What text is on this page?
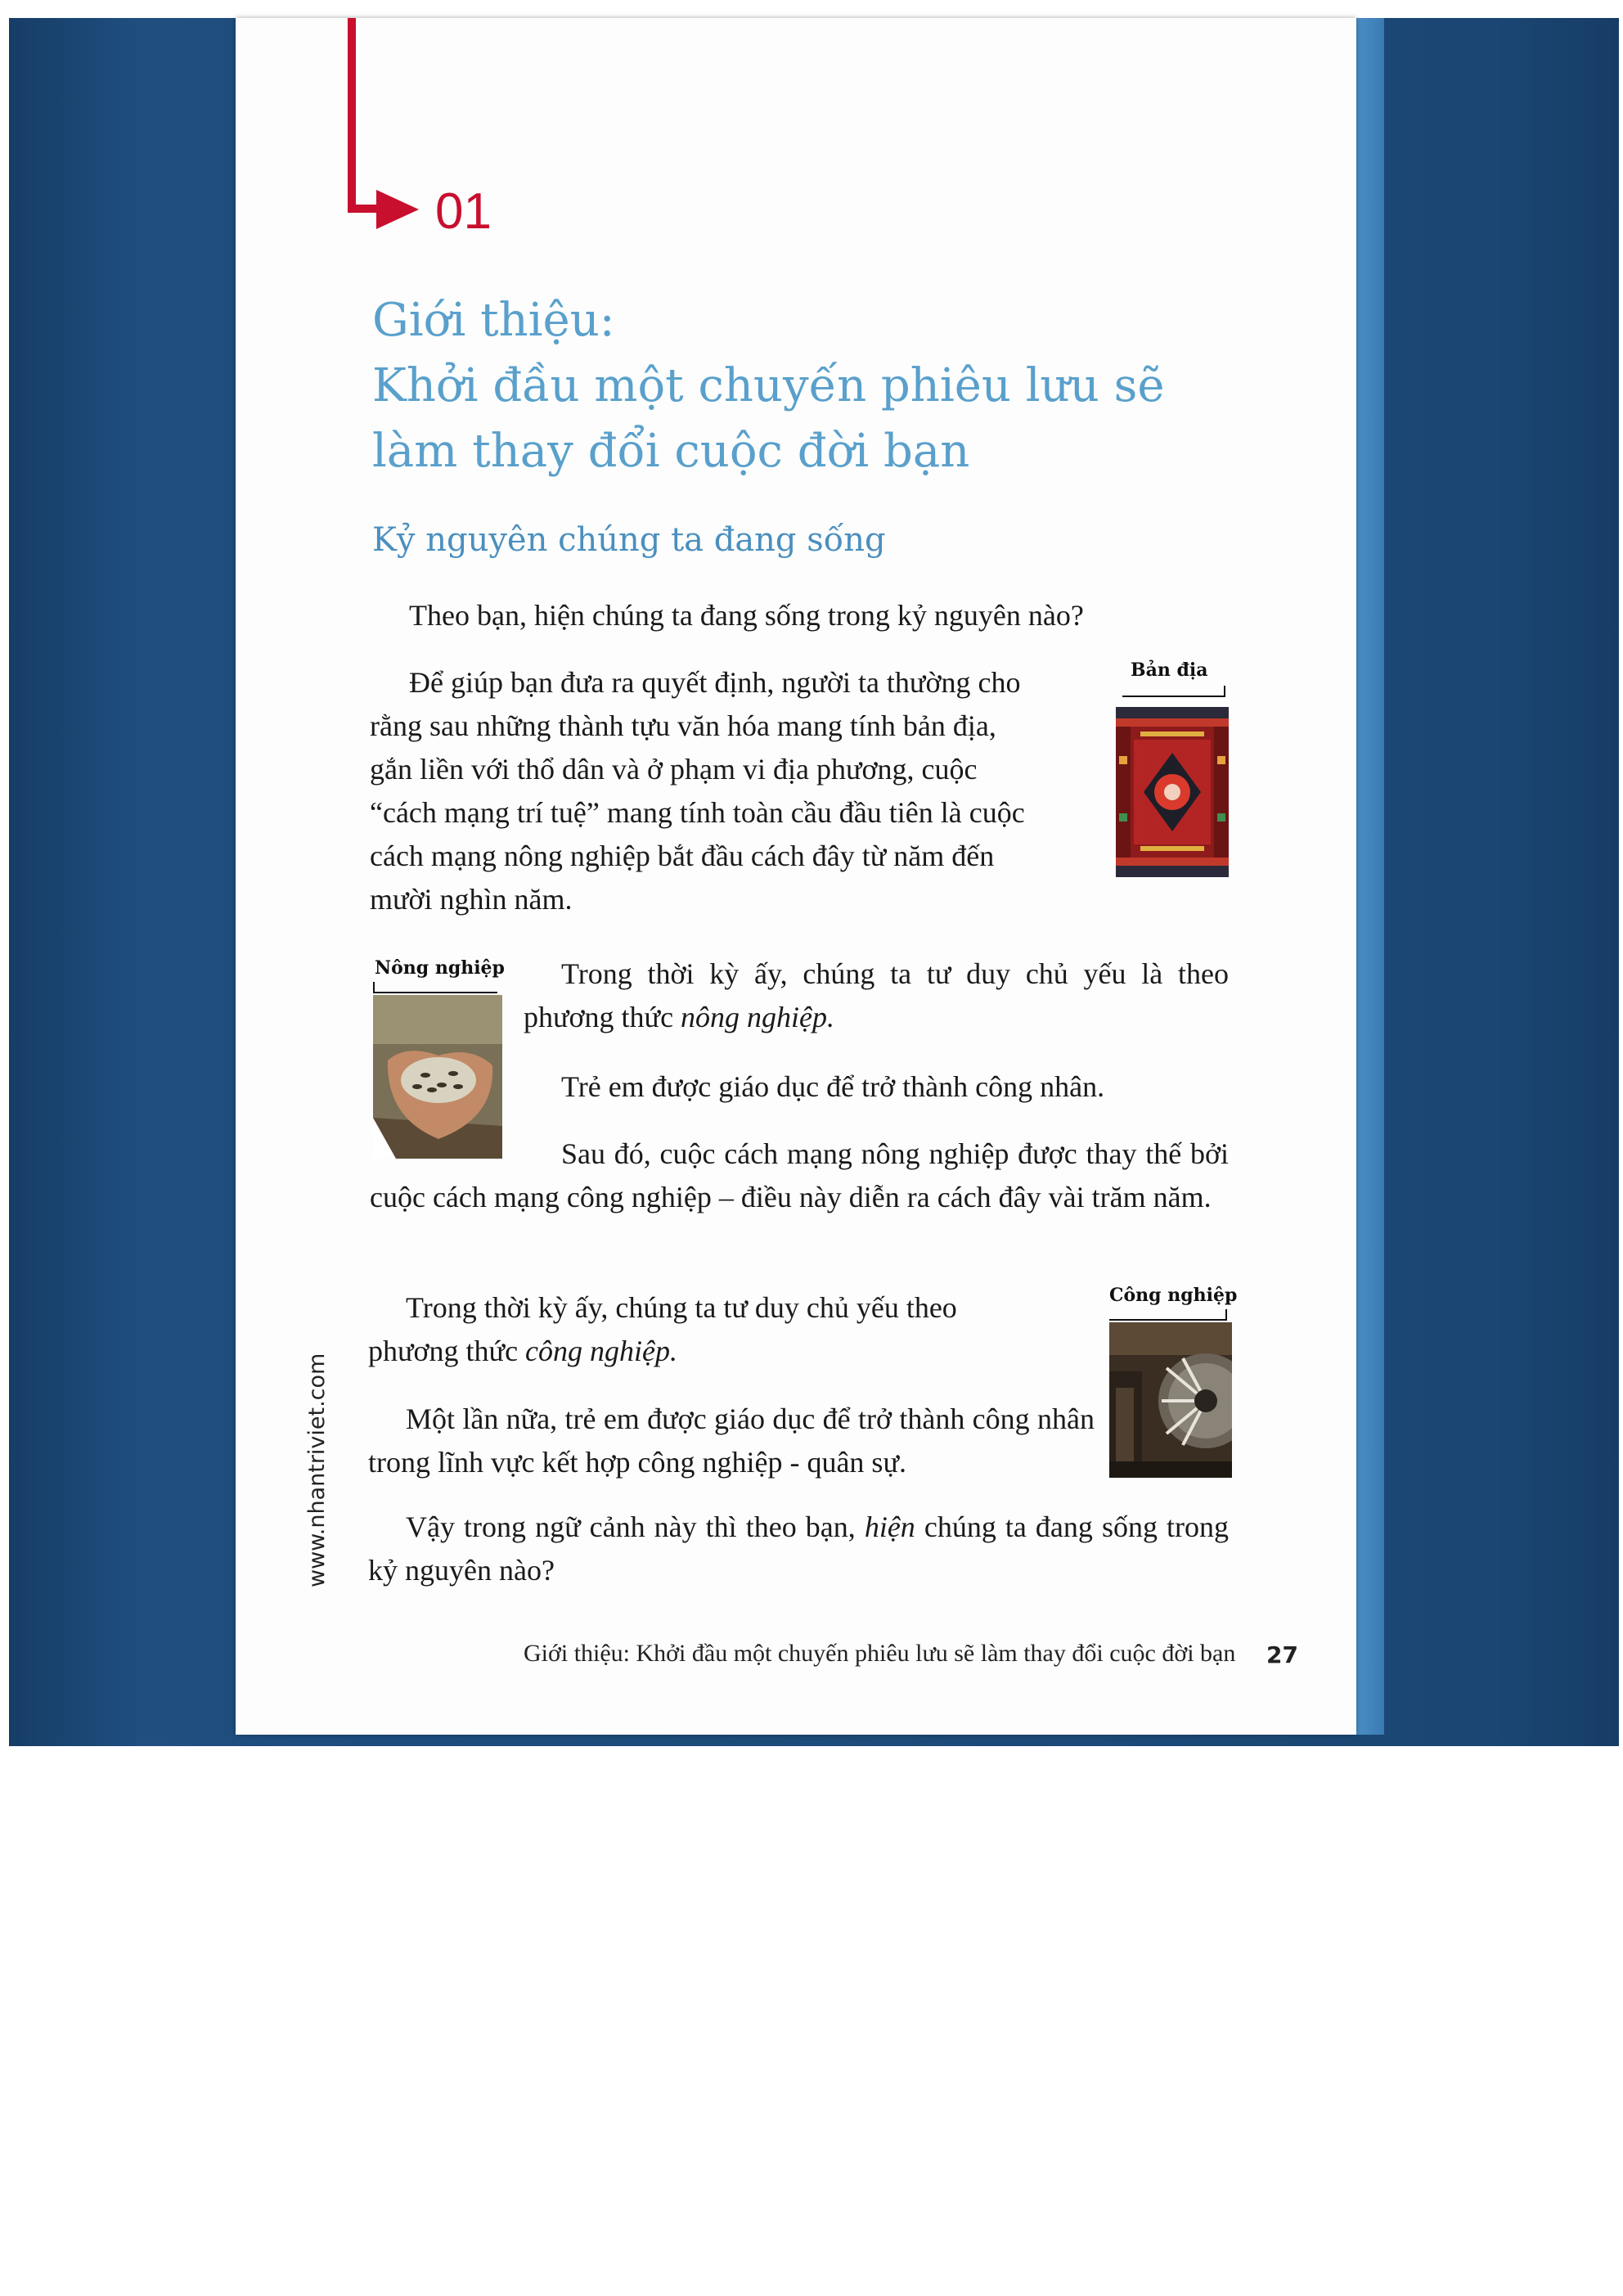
01
Giới thiệu:
Khởi đầu một chuyến phiêu lưu sẽ
làm thay đổi cuộc đời bạn
Kỷ nguyên chúng ta đang sống
Theo bạn, hiện chúng ta đang sống trong kỷ nguyên nào?
Để giúp bạn đưa ra quyết định, người ta thường cho
rằng sau những thành tựu văn hóa mang tính bản địa,
gắn liền với thổ dân và ở phạm vi địa phương, cuộc
“cách mạng trí tuệ” mang tính toàn cầu đầu tiên là cuộc
cách mạng nông nghiệp bắt đầu cách đây từ năm đến
mười nghìn năm.
Bản địa
Nông nghiệp	Trong thời kỳ ấy, chúng ta tư duy chủ yếu là theo phương thức nông nghiệp.
Trẻ em được giáo dục để trở thành công nhân.
Sau đó, cuộc cách mạng nông nghiệp được thay thế bởi cuộc cách mạng công nghiệp – điều này diễn ra cách đây vài trăm năm.
Công nghiệp
Trong thời kỳ ấy, chúng ta tư duy chủ yếu theo
phương thức công nghiệp.
Một lần nữa, trẻ em được giáo dục để trở thành công nhân trong lĩnh vực kết hợp công nghiệp - quân sự.
Vậy trong ngữ cảnh này thì theo bạn, hiện chúng ta đang sống trong kỷ nguyên nào?
www.nhantriviet.com
Giới thiệu: Khởi đầu một chuyến phiêu lưu sẽ làm thay đổi cuộc đời bạn 27
